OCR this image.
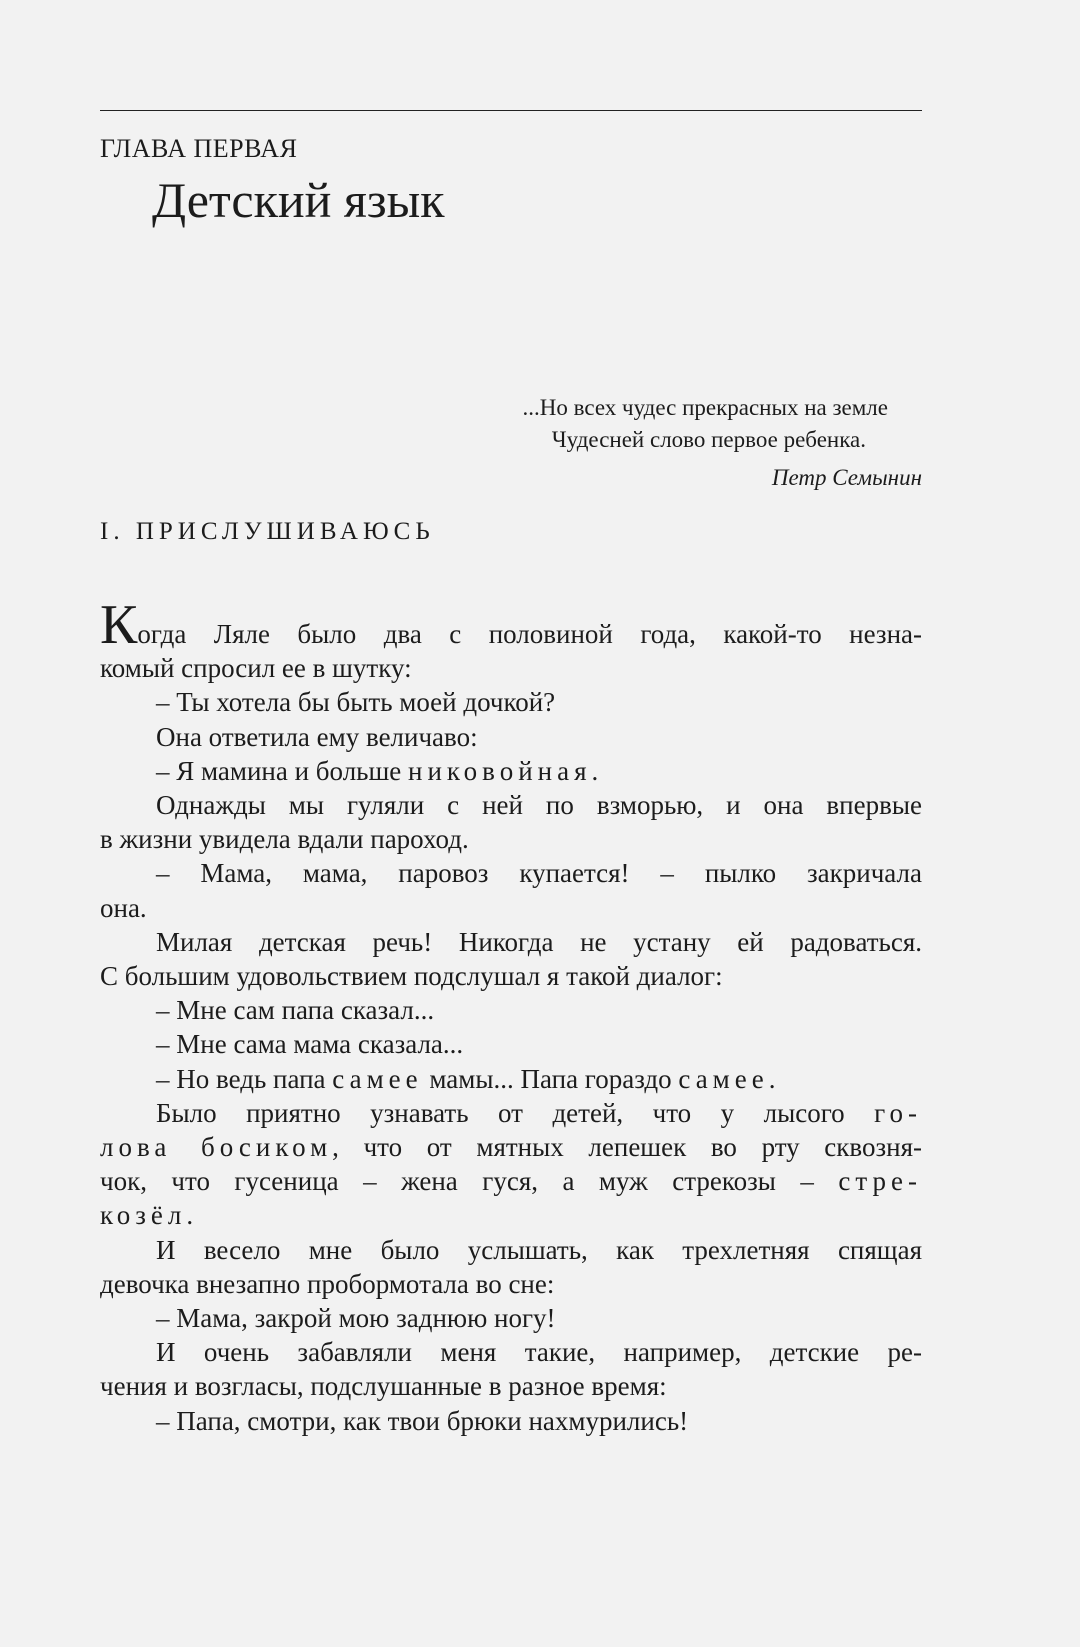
ГЛАВА ПЕРВАЯ
Детский язык
...Но всех чудес прекрасных на земле
Чудесней слово первое ребенка.
Петр Семынин
I. ПРИСЛУШИВАЮСЬ
Когда Ляле было два с половиной года, какой-то незна-
комый спросил ее в шутку:
– Ты хотела бы быть моей дочкой?
Она ответила ему величаво:
– Я мамина и больше никовойная.
Однажды мы гуляли с ней по взморью, и она впервые
в жизни увидела вдали пароход.
– Мама, мама, паровоз купается! – пылко закричала
она.
Милая детская речь! Никогда не устану ей радоваться.
С большим удовольствием подслушал я такой диалог:
– Мне сам папа сказал...
– Мне сама мама сказала...
– Но ведь папа самее мамы... Папа гораздо самее.
Было приятно узнавать от детей, что у лысого го-
лова босиком, что от мятных лепешек во рту сквозня-
чок, что гусеница – жена гуся, а муж стрекозы – стре-
козёл.
И весело мне было услышать, как трехлетняя спящая
девочка внезапно пробормотала во сне:
– Мама, закрой мою заднюю ногу!
И очень забавляли меня такие, например, детские ре-
чения и возгласы, подслушанные в разное время:
– Папа, смотри, как твои брюки нахмурились!
